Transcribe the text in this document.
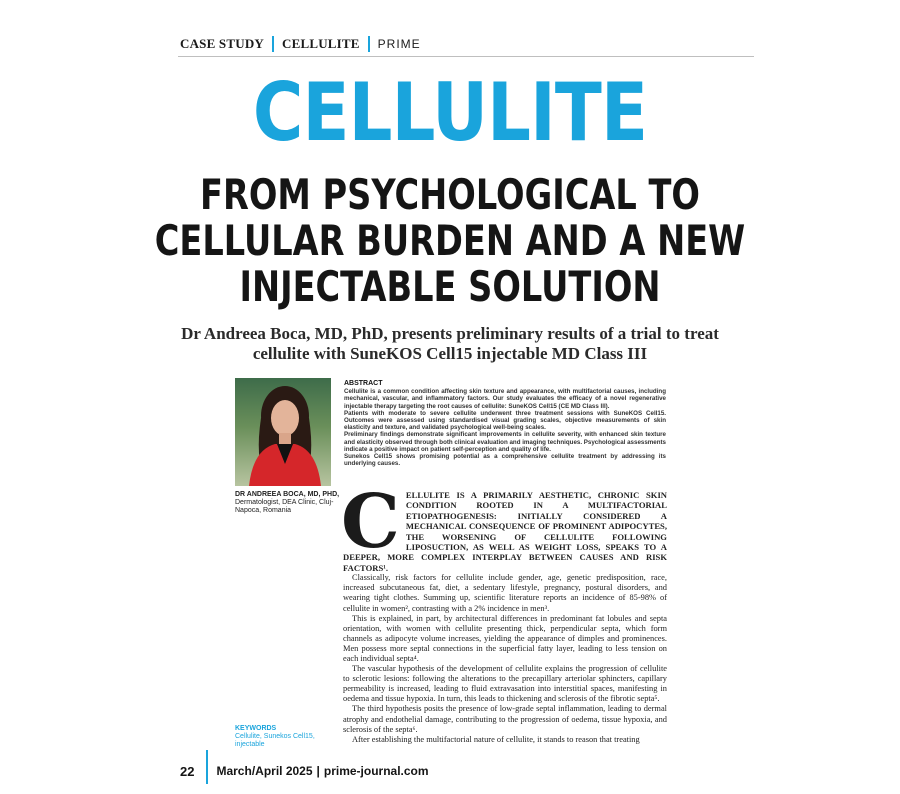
CASE STUDY CELLULITE PRIME
CELLULITE
FROM PSYCHOLOGICAL TO
CELLULAR BURDEN AND A NEW
INJECTABLE SOLUTION
Dr Andreea Boca, MD, PhD, presents preliminary results of a trial to treat cellulite with SuneKOS Cell15 injectable MD Class III
DR ANDREEA BOCA, MD, PHD,
Dermatologist, DEA Clinic, Cluj-Napoca, Romania
ABSTRACT

Cellulite is a common condition affecting skin texture and appearance, with multifactorial causes, including mechanical, vascular, and inflammatory factors. Our study evaluates the efficacy of a novel regenerative injectable therapy targeting the root causes of cellulite: SuneKOS Cell15 (CE MD Class III).

Patients with moderate to severe cellulite underwent three treatment sessions with SuneKOS Cell15. Outcomes were assessed using standardised visual grading scales, objective measurements of skin elasticity and texture, and validated psychological well-being scales.

Preliminary findings demonstrate significant improvements in cellulite severity, with enhanced skin texture and elasticity observed through both clinical evaluation and imaging techniques. Psychological assessments indicate a positive impact on patient self-perception and quality of life.

Sunekos Cell15 shows promising potential as a comprehensive cellulite treatment by addressing its underlying causes.

C ELLULITE IS A PRIMARILY AESTHETIC, CHRONIC SKIN CONDITION ROOTED IN A MULTIFACTORIAL ETIOPATHOGENESIS: INITIALLY CONSIDERED A MECHANICAL CONSEQUENCE OF PROMINENT ADIPOCYTES, THE WORSENING OF CELLULITE FOLLOWING LIPOSUCTION, AS WELL AS WEIGHT LOSS, SPEAKS TO A DEEPER, MORE COMPLEX INTERPLAY BETWEEN CAUSES AND RISK FACTORS¹.

Classically, risk factors for cellulite include gender, age, genetic predisposition, race, increased subcutaneous fat, diet, a sedentary lifestyle, pregnancy, postural disorders, and wearing tight clothes. Summing up, scientific literature reports an incidence of 85-98% of cellulite in women², contrasting with a 2% incidence in men³.

This is explained, in part, by architectural differences in predominant fat lobules and septa orientation, with women with cellulite presenting thick, perpendicular septa, which form channels as adipocyte volume increases, yielding the appearance of dimples and prominences. Men possess more septal connections in the superficial fatty layer, leading to less tension on each individual septa⁴.

The vascular hypothesis of the development of cellulite explains the progression of cellulite to sclerotic lesions: following the alterations to the precapillary arteriolar sphincters, capillary permeability is increased, leading to fluid extravasation into interstitial spaces, manifesting in oedema and tissue hypoxia. In turn, this leads to thickening and sclerosis of the fibrotic septa⁵.

The third hypothesis posits the presence of low-grade septal inflammation, leading to dermal atrophy and endothelial damage, contributing to the progression of oedema, tissue hypoxia, and sclerosis of the septa⁶.

After establishing the multifactorial nature of cellulite, it stands to reason that treating

KEYWORDS
Cellulite, Sunekos Cell15, injectable
22 March/April 2025 | prime-journal.com
